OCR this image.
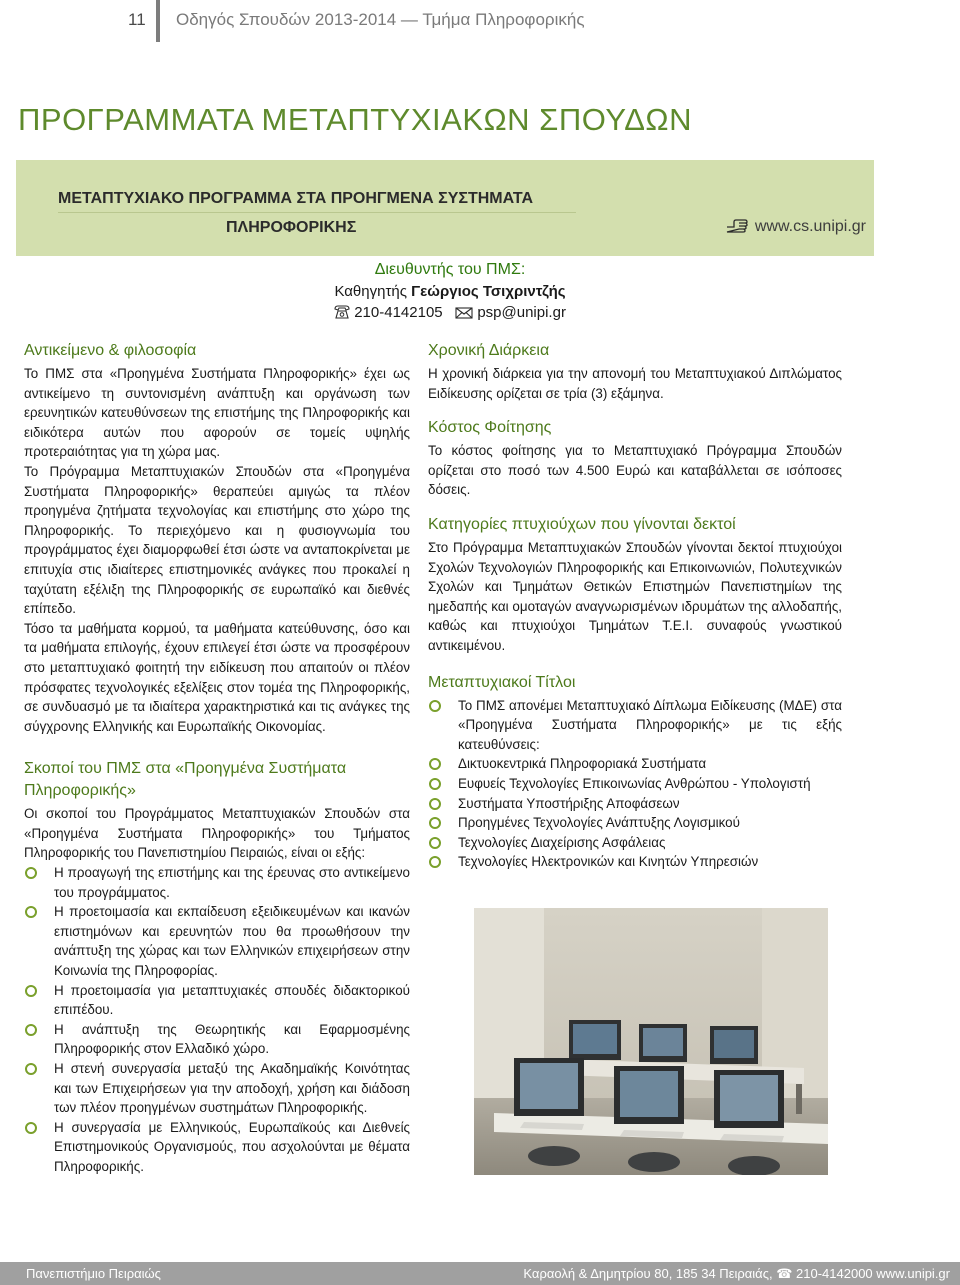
11 Οδηγός Σπουδών 2013-2014 — Τμήμα Πληροφορικής
ΠΡΟΓΡΑΜΜΑΤΑ ΜΕΤΑΠΤΥΧΙΑΚΩΝ ΣΠΟΥΔΩΝ
ΜΕΤΑΠΤΥΧΙΑΚΟ ΠΡΟΓΡΑΜΜΑ ΣΤΑ ΠΡΟΗΓΜΕΝΑ ΣΥΣΤΗΜΑΤΑ
ΠΛΗΡΟΦΟΡΙΚΗΣ	www.cs.unipi.gr
Διευθυντής του ΠΜΣ:
Καθηγητής Γεώργιος Τσιχριντζής
210-4142105 psp@unipi.gr
Αντικείμενο & φιλοσοφία

Το ΠΜΣ στα «Προηγμένα Συστήματα Πληροφορικής» έχει ως αντικείμενο τη συντονισμένη ανάπτυξη και οργάνωση των ερευνητικών κατευθύνσεων της επιστήμης της Πληροφορικής και ειδικότερα αυτών που αφορούν σε τομείς υψηλής προτεραιότητας για τη χώρα μας.

Το Πρόγραμμα Μεταπτυχιακών Σπουδών στα «Προηγμένα Συστήματα Πληροφορικής» θεραπεύει αμιγώς τα πλέον προηγμένα ζητήματα τεχνολογίας και επιστήμης στο χώρο της Πληροφορικής. Το περιεχόμενο και η φυσιογνωμία του προγράμματος έχει διαμορφωθεί έτσι ώστε να ανταποκρίνεται με επιτυχία στις ιδιαίτερες επιστημονικές ανάγκες που προκαλεί η ταχύτατη εξέλιξη της Πληροφορικής σε ευρωπαϊκό και διεθνές επίπεδο.

Τόσο τα μαθήματα κορμού, τα μαθήματα κατεύθυνσης, όσο και τα μαθήματα επιλογής, έχουν επιλεγεί έτσι ώστε να προσφέρουν στο μεταπτυχιακό φοιτητή την ειδίκευση που απαιτούν οι πλέον πρόσφατες τεχνολογικές εξελίξεις στον τομέα της Πληροφορικής, σε συνδυασμό με τα ιδιαίτερα χαρακτηριστικά και τις ανάγκες της σύγχρονης Ελληνικής και Ευρωπαϊκής Οικονομίας.

Σκοποί του ΠΜΣ στα «Προηγμένα Συστήματα Πληροφορικής»

Οι σκοποί του Προγράμματος Μεταπτυχιακών Σπουδών στα «Προηγμένα Συστήματα Πληροφορικής» του Τμήματος Πληροφορικής του Πανεπιστημίου Πειραιώς, είναι οι εξής:

Η προαγωγή της επιστήμης και της έρευνας στο αντικείμενο του προγράμματος.
Η προετοιμασία και εκπαίδευση εξειδικευμένων και ικανών επιστημόνων και ερευνητών που θα προωθήσουν την ανάπτυξη της χώρας και των Ελληνικών επιχειρήσεων στην Κοινωνία της Πληροφορίας.
Η προετοιμασία για μεταπτυχιακές σπουδές διδακτορικού επιπέδου.
Η ανάπτυξη της Θεωρητικής και Εφαρμοσμένης Πληροφορικής στον Ελλαδικό χώρο.
Η στενή συνεργασία μεταξύ της Ακαδημαϊκής Κοινότητας και των Επιχειρήσεων για την αποδοχή, χρήση και διάδοση των πλέον προηγμένων συστημάτων Πληροφορικής.
Η συνεργασία με Ελληνικούς, Ευρωπαϊκούς και Διεθνείς Επιστημονικούς Οργανισμούς, που ασχολούνται με θέματα Πληροφορικής.
Χρονική Διάρκεια

Η χρονική διάρκεια για την απονομή του Μεταπτυχιακού Διπλώματος Ειδίκευσης ορίζεται σε τρία (3) εξάμηνα.

Κόστος Φοίτησης

Το κόστος φοίτησης για το Μεταπτυχιακό Πρόγραμμα Σπουδών ορίζεται στο ποσό των 4.500 Ευρώ και καταβάλλεται σε ισόποσες δόσεις.

Κατηγορίες πτυχιούχων που γίνονται δεκτοί

Στο Πρόγραμμα Μεταπτυχιακών Σπουδών γίνονται δεκτοί πτυχιούχοι Σχολών Τεχνολογιών Πληροφορικής και Επικοινωνιών, Πολυτεχνικών Σχολών και Τμημάτων Θετικών Επιστημών Πανεπιστημίων της ημεδαπής και ομοταγών αναγνωρισμένων ιδρυμάτων της αλλοδαπής, καθώς και πτυχιούχοι Τμημάτων Τ.Ε.Ι. συναφούς γνωστικού αντικειμένου.

Μεταπτυχιακοί Τίτλοι
Το ΠΜΣ απονέμει Μεταπτυχιακό Δίπλωμα Ειδίκευσης (ΜΔΕ) στα «Προηγμένα Συστήματα Πληροφορικής» με τις εξής κατευθύνσεις:
Δικτυοκεντρικά Πληροφοριακά Συστήματα
Ευφυείς Τεχνολογίες Επικοινωνίας Ανθρώπου - Υπολογιστή
Συστήματα Υποστήριξης Αποφάσεων
Προηγμένες Τεχνολογίες Ανάπτυξης Λογισμικού
Τεχνολογίες Διαχείρισης Ασφάλειας
Τεχνολογίες Ηλεκτρονικών και Κινητών Υπηρεσιών
Πανεπιστήμιο Πειραιώς	Καραολή & Δημητρίου 80, 185 34 Πειραιάς, ☎ 210-4142000 www.unipi.gr
